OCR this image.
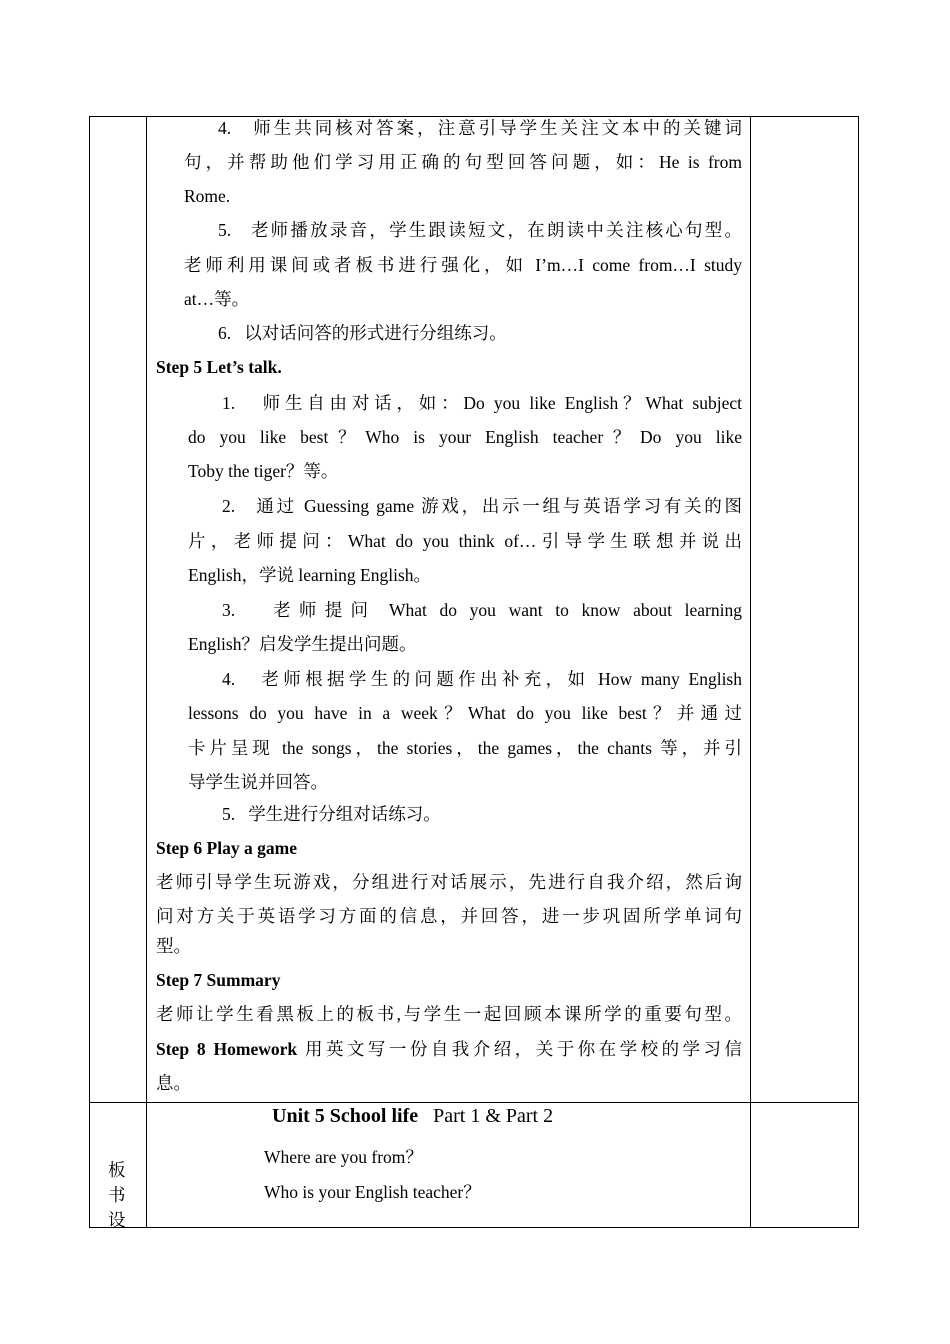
4.   师生共同核对答案，注意引导学生关注文本中的关键词
句，并帮助他们学习用正确的句型回答问题，如：He is from
Rome.
5.   老师播放录音，学生跟读短文，在朗读中关注核心句型。
老师利用课间或者板书进行强化，如 I’m…I come from…I study
at…等。
6.   以对话问答的形式进行分组练习。
Step 5 Let’s talk.
1.   师生自由对话，如：Do you like English？What subject
do you like best？Who is your English teacher？Do you like
Toby the tiger？等。
2.   通过 Guessing game 游戏，出示一组与英语学习有关的图
片，老师提问：What do you think of…引导学生联想并说出
English，学说 learning English。
3.   老师提问 What do you want to know about learning
English？启发学生提出问题。
4.   老师根据学生的问题作出补充，如 How many English
lessons do you have in a week？What do you like best？并通过
卡片呈现 the songs，the stories，the games，the chants 等，并引
导学生说并回答。
5.   学生进行分组对话练习。
Step 6 Play a game
老师引导学生玩游戏，分组进行对话展示，先进行自我介绍，然后询
问对方关于英语学习方面的信息，并回答，进一步巩固所学单词句
型。
Step 7 Summary
老师让学生看黑板上的板书,与学生一起回顾本课所学的重要句型。
Step 8 Homework 用英文写一份自我介绍，关于你在学校的学习信
息。
板
书
设
Unit 5 School life Part 1 & Part 2
Where are you from？
Who is your English teacher？
